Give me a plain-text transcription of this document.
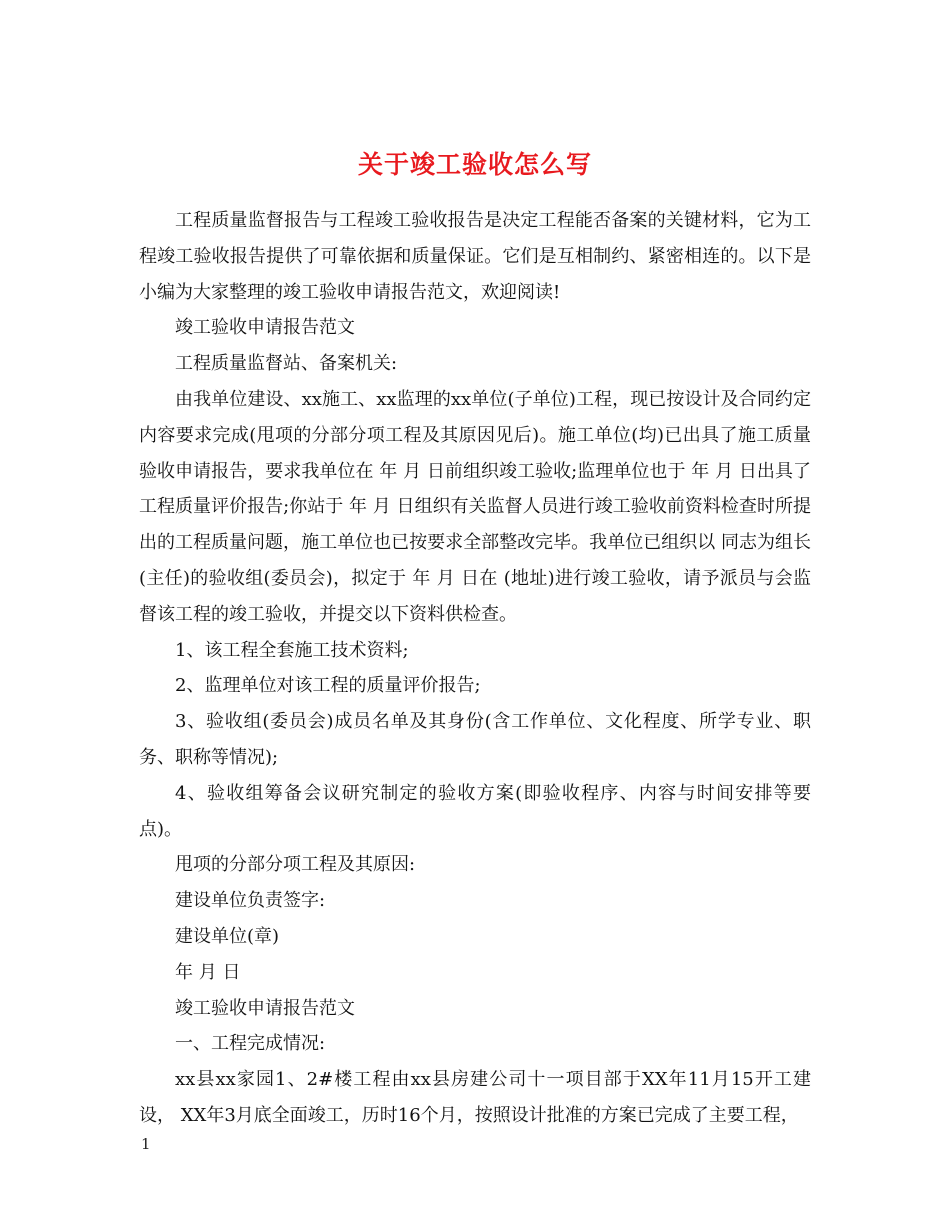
关于竣工验收怎么写

工程质量监督报告与工程竣工验收报告是决定工程能否备案的关键材料，它为工程竣工验收报告提供了可靠依据和质量保证。它们是互相制约、紧密相连的。以下是小编为大家整理的竣工验收申请报告范文，欢迎阅读!

竣工验收申请报告范文

工程质量监督站、备案机关:

由我单位建设、xx施工、xx监理的xx单位(子单位)工程，现已按设计及合同约定内容要求完成(甩项的分部分项工程及其原因见后)。施工单位(均)已出具了施工质量验收申请报告，要求我单位在 年 月 日前组织竣工验收;监理单位也于 年 月 日出具了工程质量评价报告;你站于 年 月 日组织有关监督人员进行竣工验收前资料检查时所提出的工程质量问题，施工单位也已按要求全部整改完毕。我单位已组织以 同志为组长(主任)的验收组(委员会)，拟定于 年 月 日在 (地址)进行竣工验收，请予派员与会监督该工程的竣工验收，并提交以下资料供检查。

1、该工程全套施工技术资料;

2、监理单位对该工程的质量评价报告;

3、验收组(委员会)成员名单及其身份(含工作单位、文化程度、所学专业、职务、职称等情况);

4、验收组筹备会议研究制定的验收方案(即验收程序、内容与时间安排等要点)。

甩项的分部分项工程及其原因:

建设单位负责签字:

建设单位(章)

年 月 日

竣工验收申请报告范文

一、工程完成情况:

xx县xx家园1、2#楼工程由xx县房建公司十一项目部于XX年11月15开工建设， XX年3月底全面竣工，历时16个月，按照设计批准的方案已完成了主要工程，

1
